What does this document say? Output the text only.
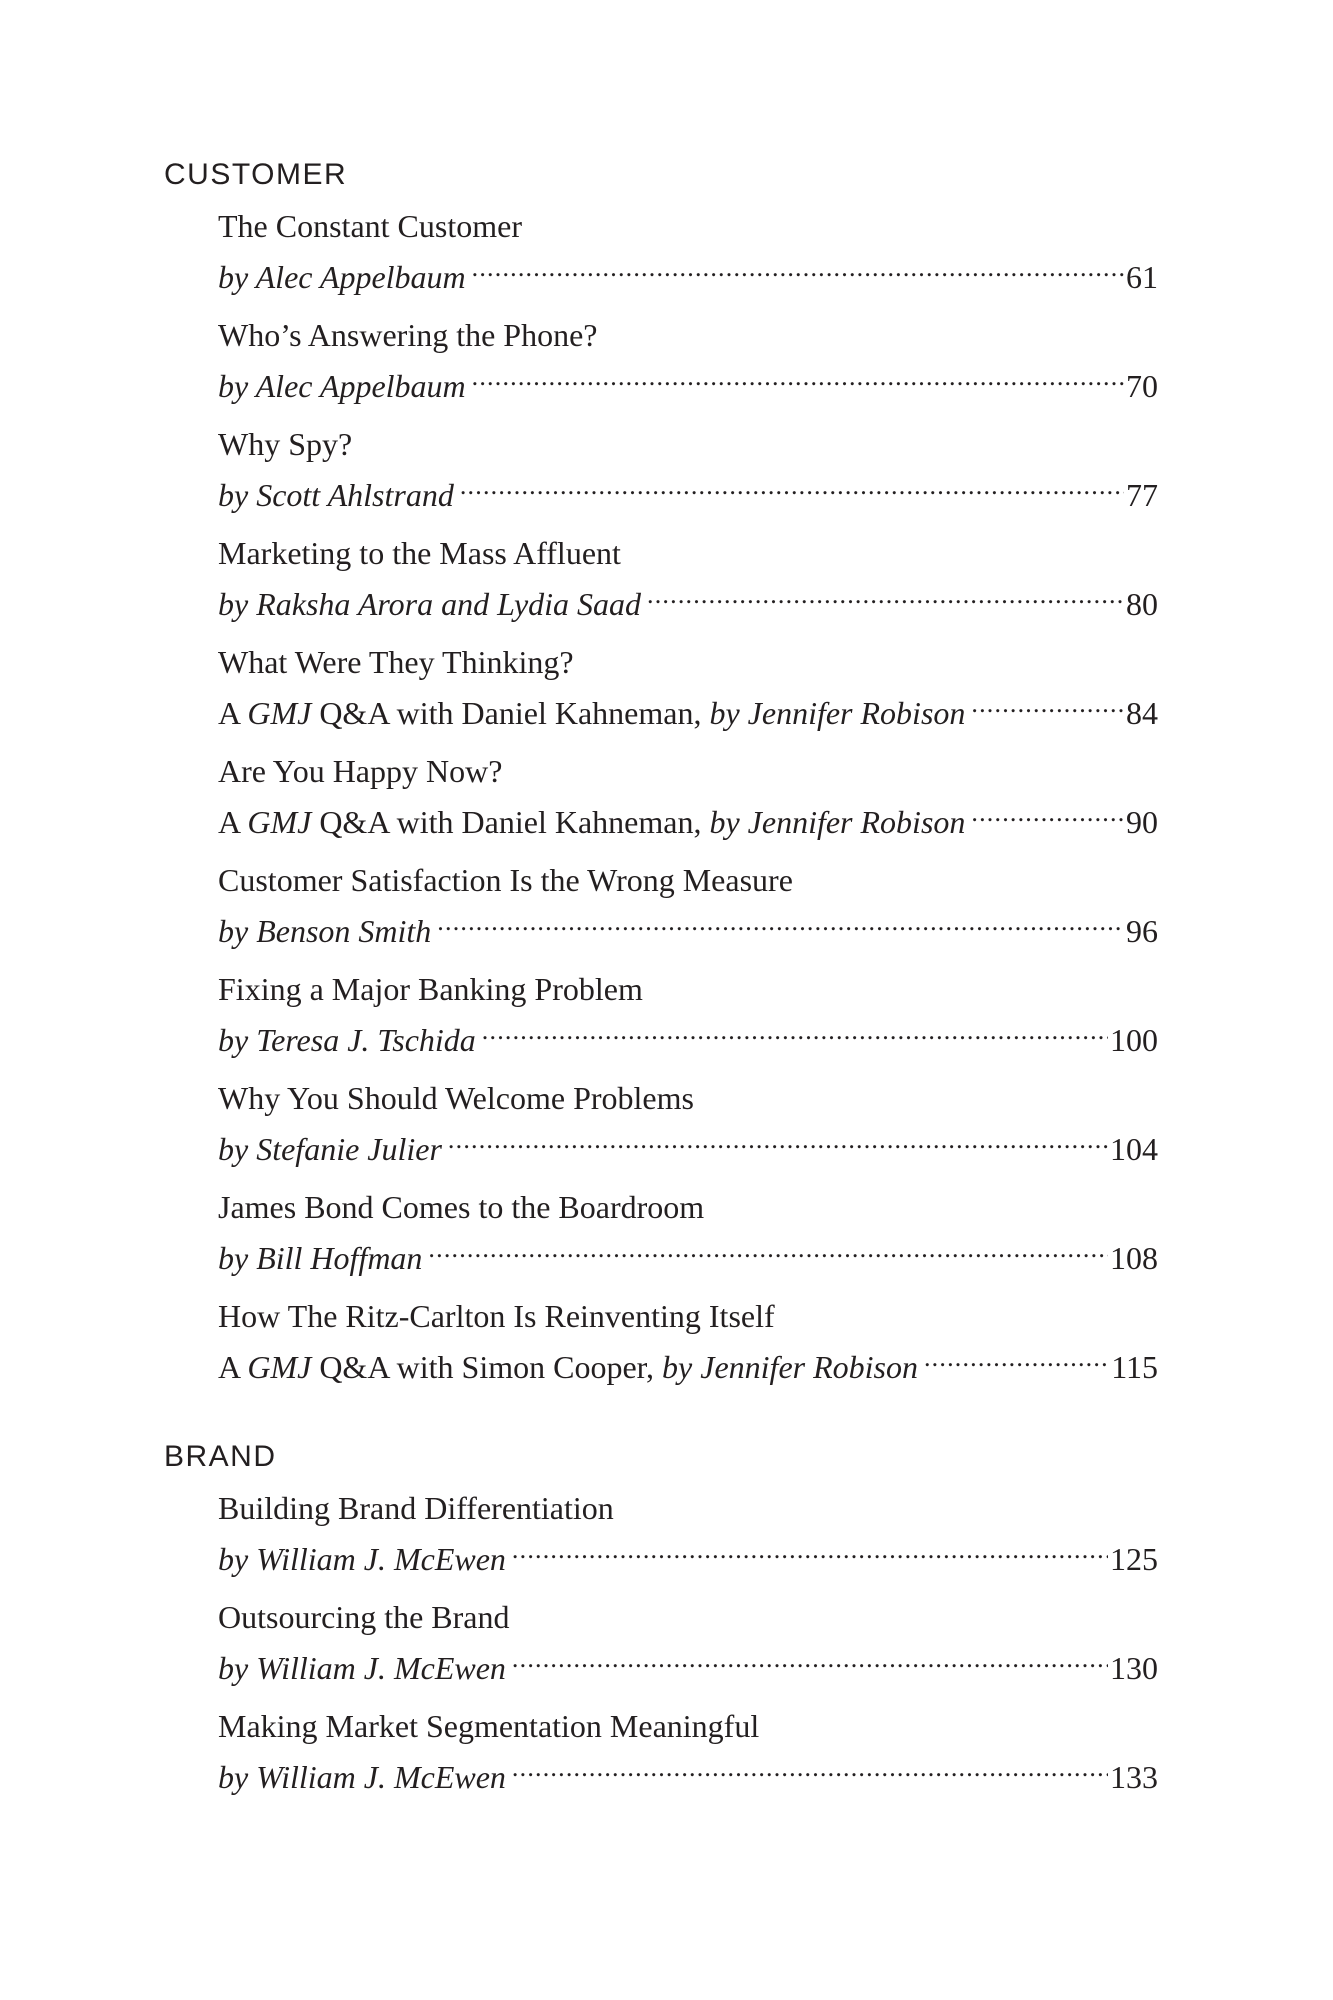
CUSTOMER
The Constant Customer
by Alec Appelbaum .....	61
Who’s Answering the Phone?
by Alec Appelbaum .....	70
Why Spy?
by Scott Ahlstrand .....	77
Marketing to the Mass Affluent
by Raksha Arora and Lydia Saad .....	80
What Were They Thinking?
A GMJ Q&A with Daniel Kahneman, by Jennifer Robison .....	84
Are You Happy Now?
A GMJ Q&A with Daniel Kahneman, by Jennifer Robison .....	90
Customer Satisfaction Is the Wrong Measure
by Benson Smith .....	96
Fixing a Major Banking Problem
by Teresa J. Tschida .....	100
Why You Should Welcome Problems
by Stefanie Julier .....	104
James Bond Comes to the Boardroom
by Bill Hoffman .....	108
How The Ritz-Carlton Is Reinventing Itself
A GMJ Q&A with Simon Cooper, by Jennifer Robison .....	115
BRAND
Building Brand Differentiation
by William J. McEwen .....	125
Outsourcing the Brand
by William J. McEwen .....	130
Making Market Segmentation Meaningful
by William J. McEwen .....	133
